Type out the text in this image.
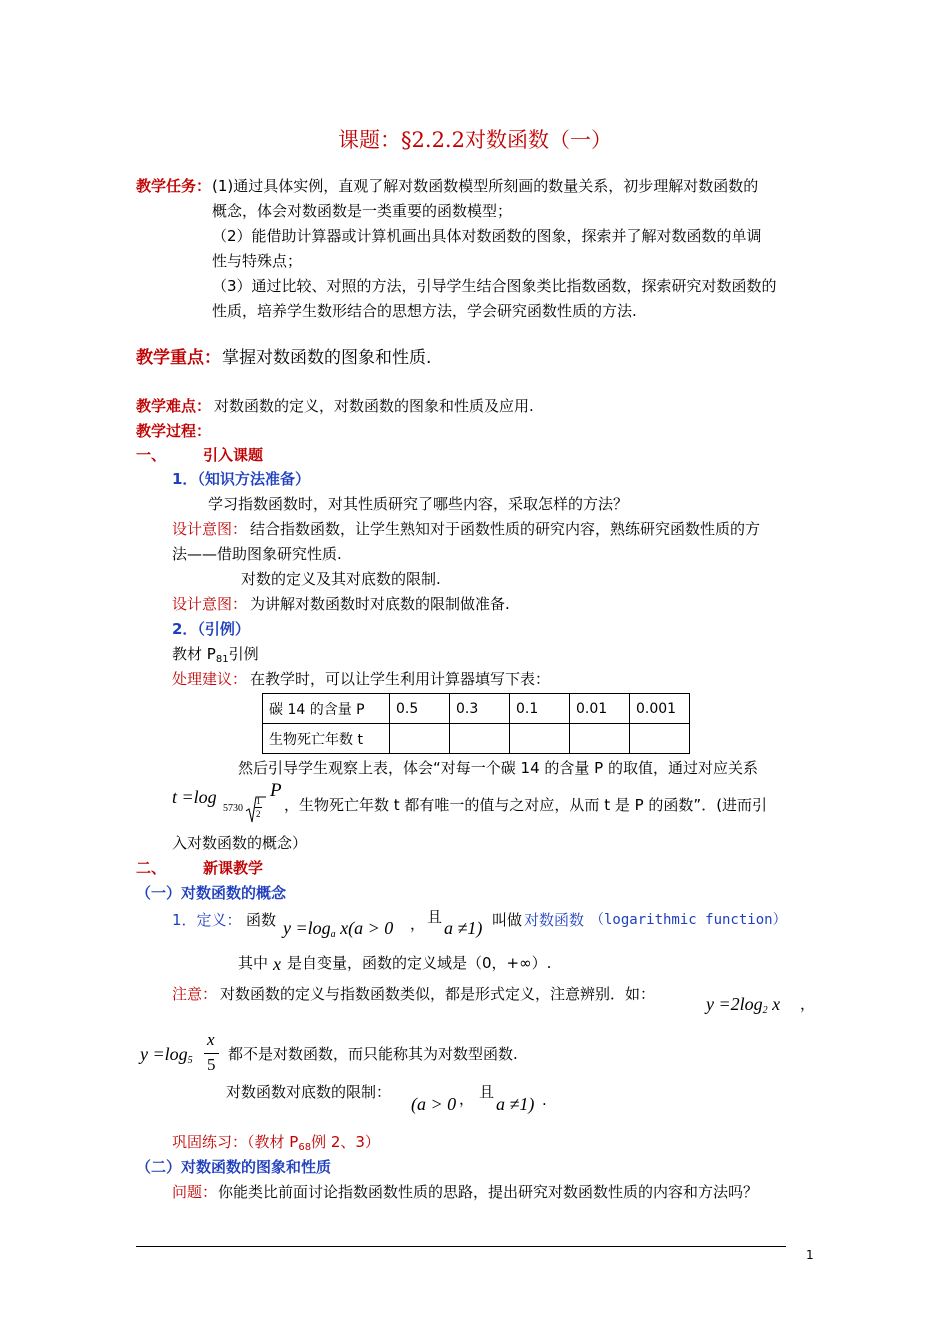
课题：§2.2.2对数函数（一）
教学任务： (1)通过具体实例，直观了解对数函数模型所刻画的数量关系，初步理解对数函数的
概念，体会对数函数是一类重要的函数模型；
（2）能借助计算器或计算机画出具体对数函数的图象，探索并了解对数函数的单调
性与特殊点；
（3）通过比较、对照的方法，引导学生结合图象类比指数函数，探索研究对数函数的
性质，培养学生数形结合的思想方法，学会研究函数性质的方法.
教学重点： 掌握对数函数的图象和性质.
教学难点： 对数函数的定义，对数函数的图象和性质及应用.
教学过程：
一、 引入课题
1．（知识方法准备）
学习指数函数时，对其性质研究了哪些内容，采取怎样的方法？
设计意图： 结合指数函数，让学生熟知对于函数性质的研究内容，熟练研究函数性质的方
法——借助图象研究性质.
对数的定义及其对底数的限制.
设计意图： 为讲解对数函数时对底数的限制做准备.
2．（引例）
教材 $P_{81}$引例
处理建议： 在教学时，可以让学生利用计算器填写下表：
碳 14 的含量 P	0.5	0.3	0.1	0.01	0.001
生物死亡年数 t					
然后引导学生观察上表，体会“对每一个碳 14 的含量 P 的取值，通过对应关系
t =log
5730
1
2
P
，生物死亡年数 t 都有唯一的值与之对应，从而 t 是 P 的函数”．(进而引
入对数函数的概念）
二、 新课教学
（一）对数函数的概念
1．定义： 函数 $y =\log_a$ x(a > 0 ， 且
a ≠1) 叫做 对数函数 （logarithmic function）
其中 x 是自变量，函数的定义域是（0，+∞）.
注意： 对数函数的定义与指数函数类似，都是形式定义，注意辨别．如：	$y =2\log_2$ x ，
$y =\log_5$
x
5
都不是对数函数，而只能称其为对数型函数.
对数函数对底数的限制：
(a > 0 ， 且
a ≠1) .
巩固练习：（教材 $P_{68}$例 2、3）
（二）对数函数的图象和性质
问题： 你能类比前面讨论指数函数性质的思路，提出研究对数函数性质的内容和方法吗？
1
